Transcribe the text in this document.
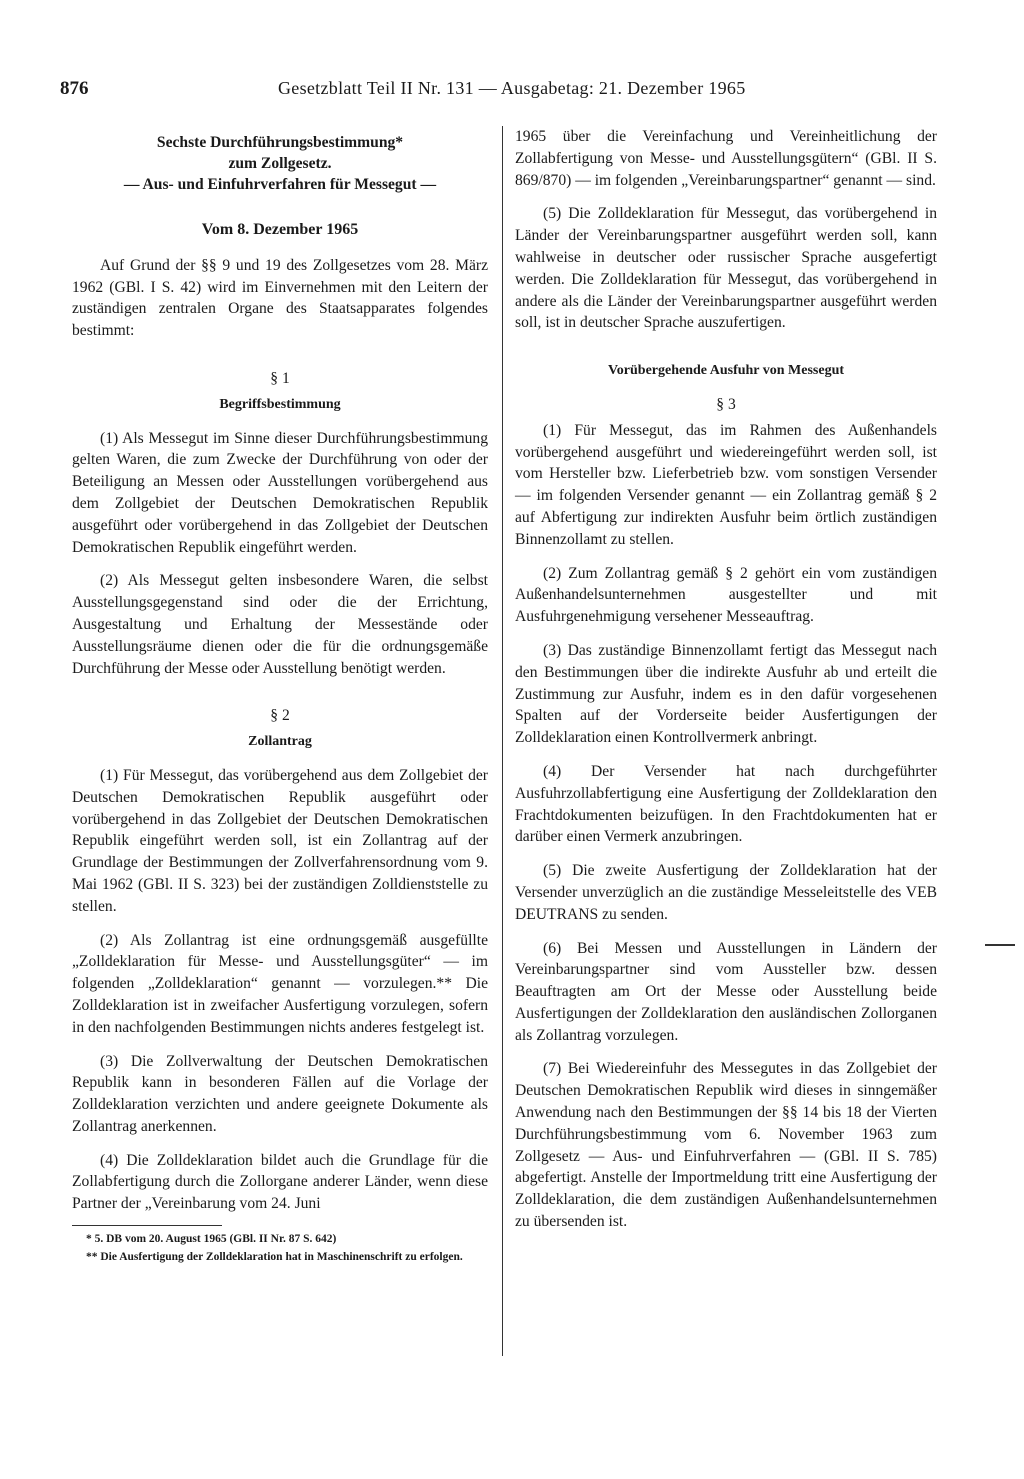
876	Gesetzblatt Teil II Nr. 131 — Ausgabetag: 21. Dezember 1965
Sechste Durchführungsbestimmung*
zum Zollgesetz.
— Aus- und Einfuhrverfahren für Messegut —
Vom 8. Dezember 1965

Auf Grund der §§ 9 und 19 des Zollgesetzes vom 28. März 1962 (GBl. I S. 42) wird im Einvernehmen mit den Leitern der zuständigen zentralen Organe des Staatsapparates folgendes bestimmt:

§ 1
Begriffsbestimmung

(1) Als Messegut im Sinne dieser Durchführungsbestimmung gelten Waren, die zum Zwecke der Durchführung von oder der Beteiligung an Messen oder Ausstellungen vorübergehend aus dem Zollgebiet der Deutschen Demokratischen Republik ausgeführt oder vorübergehend in das Zollgebiet der Deutschen Demokratischen Republik eingeführt werden.

(2) Als Messegut gelten insbesondere Waren, die selbst Ausstellungsgegenstand sind oder die der Errichtung, Ausgestaltung und Erhaltung der Messestände oder Ausstellungsräume dienen oder die für die ordnungsgemäße Durchführung der Messe oder Ausstellung benötigt werden.

§ 2
Zollantrag

(1) Für Messegut, das vorübergehend aus dem Zollgebiet der Deutschen Demokratischen Republik ausgeführt oder vorübergehend in das Zollgebiet der Deutschen Demokratischen Republik eingeführt werden soll, ist ein Zollantrag auf der Grundlage der Bestimmungen der Zollverfahrensordnung vom 9. Mai 1962 (GBl. II S. 323) bei der zuständigen Zolldienststelle zu stellen.

(2) Als Zollantrag ist eine ordnungsgemäß ausgefüllte „Zolldeklaration für Messe- und Ausstellungsgüter“ — im folgenden „Zolldeklaration“ genannt — vorzulegen.** Die Zolldeklaration ist in zweifacher Ausfertigung vorzulegen, sofern in den nachfolgenden Bestimmungen nichts anderes festgelegt ist.

(3) Die Zollverwaltung der Deutschen Demokratischen Republik kann in besonderen Fällen auf die Vorlage der Zolldeklaration verzichten und andere geeignete Dokumente als Zollantrag anerkennen.

(4) Die Zolldeklaration bildet auch die Grundlage für die Zollabfertigung durch die Zollorgane anderer Länder, wenn diese Partner der „Vereinbarung vom 24. Juni

* 5. DB vom 20. August 1965 (GBl. II Nr. 87 S. 642)
** Die Ausfertigung der Zolldeklaration hat in Maschinenschrift zu erfolgen.

1965 über die Vereinfachung und Vereinheitlichung der Zollabfertigung von Messe- und Ausstellungsgütern“ (GBl. II S. 869/870) — im folgenden „Vereinbarungspartner“ genannt — sind.

(5) Die Zolldeklaration für Messegut, das vorübergehend in Länder der Vereinbarungspartner ausgeführt werden soll, kann wahlweise in deutscher oder russischer Sprache ausgefertigt werden. Die Zolldeklaration für Messegut, das vorübergehend in andere als die Länder der Vereinbarungspartner ausgeführt werden soll, ist in deutscher Sprache auszufertigen.

Vorübergehende Ausfuhr von Messegut
§ 3

(1) Für Messegut, das im Rahmen des Außenhandels vorübergehend ausgeführt und wiedereingeführt werden soll, ist vom Hersteller bzw. Lieferbetrieb bzw. vom sonstigen Versender — im folgenden Versender genannt — ein Zollantrag gemäß § 2 auf Abfertigung zur indirekten Ausfuhr beim örtlich zuständigen Binnenzollamt zu stellen.

(2) Zum Zollantrag gemäß § 2 gehört ein vom zuständigen Außenhandelsunternehmen ausgestellter und mit Ausfuhrgenehmigung versehener Messeauftrag.

(3) Das zuständige Binnenzollamt fertigt das Messegut nach den Bestimmungen über die indirekte Ausfuhr ab und erteilt die Zustimmung zur Ausfuhr, indem es in den dafür vorgesehenen Spalten auf der Vorderseite beider Ausfertigungen der Zolldeklaration einen Kontrollvermerk anbringt.

(4) Der Versender hat nach durchgeführter Ausfuhrzollabfertigung eine Ausfertigung der Zolldeklaration den Frachtdokumenten beizufügen. In den Frachtdokumenten hat er darüber einen Vermerk anzubringen.

(5) Die zweite Ausfertigung der Zolldeklaration hat der Versender unverzüglich an die zuständige Messeleitstelle des VEB DEUTRANS zu senden.

(6) Bei Messen und Ausstellungen in Ländern der Vereinbarungspartner sind vom Aussteller bzw. dessen Beauftragten am Ort der Messe oder Ausstellung beide Ausfertigungen der Zolldeklaration den ausländischen Zollorganen als Zollantrag vorzulegen.

(7) Bei Wiedereinfuhr des Messegutes in das Zollgebiet der Deutschen Demokratischen Republik wird dieses in sinngemäßer Anwendung nach den Bestimmungen der §§ 14 bis 18 der Vierten Durchführungsbestimmung vom 6. November 1963 zum Zollgesetz — Aus- und Einfuhrverfahren — (GBl. II S. 785) abgefertigt. Anstelle der Importmeldung tritt eine Ausfertigung der Zolldeklaration, die dem zuständigen Außenhandelsunternehmen zu übersenden ist.
